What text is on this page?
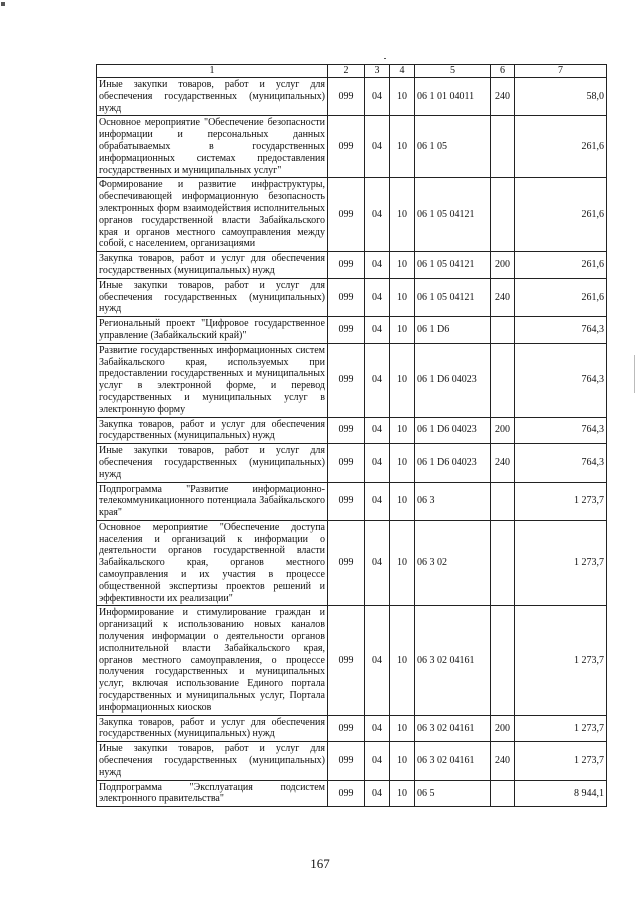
1	2	3	4	5	6	7
Иные закупки товаров, работ и услуг для обеспечения государственных (муниципальных) нужд	099	04	10	06 1 01 04011	240	58,0
Основное мероприятие "Обеспечение безопасности информации и персональных данных обрабатываемых в государственных информационных системах предоставления государственных и муниципальных услуг"	099	04	10	06 1 05		261,6
Формирование и развитие инфраструктуры, обеспечивающей информационную безопасность электронных форм взаимодействия исполнительных органов государственной власти Забайкальского края и органов местного самоуправления между собой, с населением, организациями	099	04	10	06 1 05 04121		261,6
Закупка товаров, работ и услуг для обеспечения государственных (муниципальных) нужд	099	04	10	06 1 05 04121	200	261,6
Иные закупки товаров, работ и услуг для обеспечения государственных (муниципальных) нужд	099	04	10	06 1 05 04121	240	261,6
Региональный проект "Цифровое государственное управление (Забайкальский край)"	099	04	10	06 1 D6		764,3
Развитие государственных информационных систем Забайкальского края, используемых при предоставлении государственных и муниципальных услуг в электронной форме, и перевод государственных и муниципальных услуг в электронную форму	099	04	10	06 1 D6 04023		764,3
Закупка товаров, работ и услуг для обеспечения государственных (муниципальных) нужд	099	04	10	06 1 D6 04023	200	764,3
Иные закупки товаров, работ и услуг для обеспечения государственных (муниципальных) нужд	099	04	10	06 1 D6 04023	240	764,3
Подпрограмма "Развитие информационно-телекоммуникационного потенциала Забайкальского края"	099	04	10	06 3		1 273,7
Основное мероприятие "Обеспечение доступа населения и организаций к информации о деятельности органов государственной власти Забайкальского края, органов местного самоуправления и их участия в процессе общественной экспертизы проектов решений и эффективности их реализации"	099	04	10	06 3 02		1 273,7
Информирование и стимулирование граждан и организаций к использованию новых каналов получения информации о деятельности органов исполнительной власти Забайкальского края, органов местного самоуправления, о процессе получения государственных и муниципальных услуг, включая использование Единого портала государственных и муниципальных услуг, Портала информационных киосков	099	04	10	06 3 02 04161		1 273,7
Закупка товаров, работ и услуг для обеспечения государственных (муниципальных) нужд	099	04	10	06 3 02 04161	200	1 273,7
Иные закупки товаров, работ и услуг для обеспечения государственных (муниципальных) нужд	099	04	10	06 3 02 04161	240	1 273,7
Подпрограмма "Эксплуатация подсистем электронного правительства"	099	04	10	06 5		8 944,1
167
